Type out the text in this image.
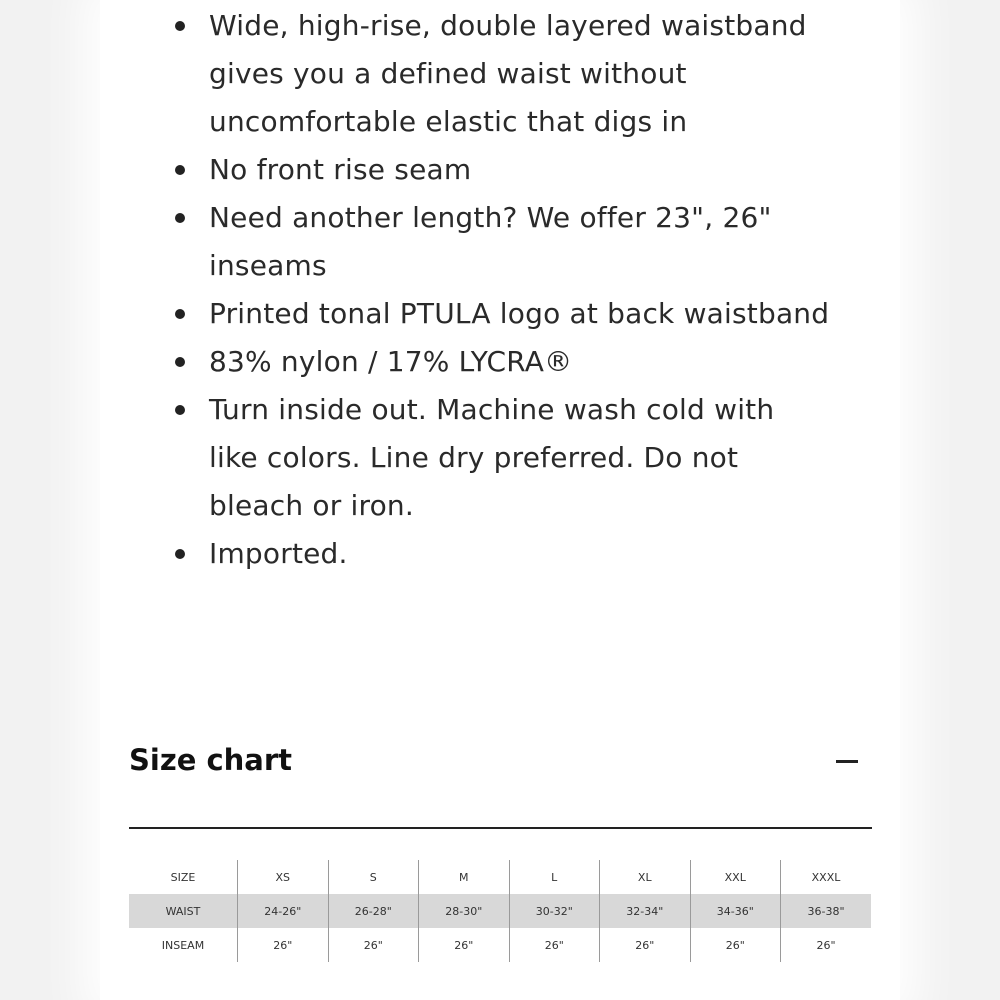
Wide, high-rise, double layered waistband gives you a defined waist without uncomfortable elastic that digs in
No front rise seam
Need another length? We offer 23", 26" inseams
Printed tonal PTULA logo at back waistband
83% nylon / 17% LYCRA®
Turn inside out. Machine wash cold with like colors. Line dry preferred. Do not bleach or iron.
Imported.
Size chart
SIZE	XS	S	M	L	XL	XXL	XXXL
WAIST	24-26"	26-28"	28-30"	30-32"	32-34"	34-36"	36-38"
INSEAM	26"	26"	26"	26"	26"	26"	26"
